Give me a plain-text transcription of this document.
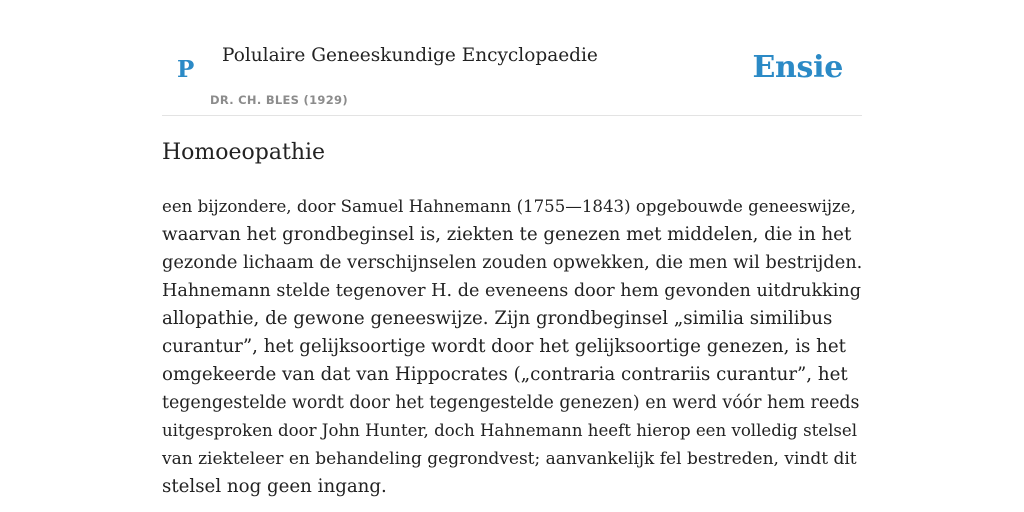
P
Polulaire Geneeskundige Encyclopaedie
DR. CH. BLES (1929)
Ensie
Homoeopathie

een bijzondere, door Samuel Hahnemann (1755—1843) opgebouwde geneeswijze,
waarvan het grondbeginsel is, ziekten te genezen met middelen, die in het
gezonde lichaam de verschijnselen zouden opwekken, die men wil bestrijden.
Hahnemann stelde tegenover H. de eveneens door hem gevonden uitdrukking
allopathie, de gewone geneeswijze. Zijn grondbeginsel „similia similibus
curantur”, het gelijksoortige wordt door het gelijksoortige genezen, is het
omgekeerde van dat van Hippocrates („contraria contrariis curantur”, het
tegengestelde wordt door het tegengestelde genezen) en werd vóór hem reeds
uitgesproken door John Hunter, doch Hahnemann heeft hierop een volledig stelsel
van ziekteleer en behandeling gegrondvest; aanvankelijk fel bestreden, vindt dit
stelsel nog geen ingang.
